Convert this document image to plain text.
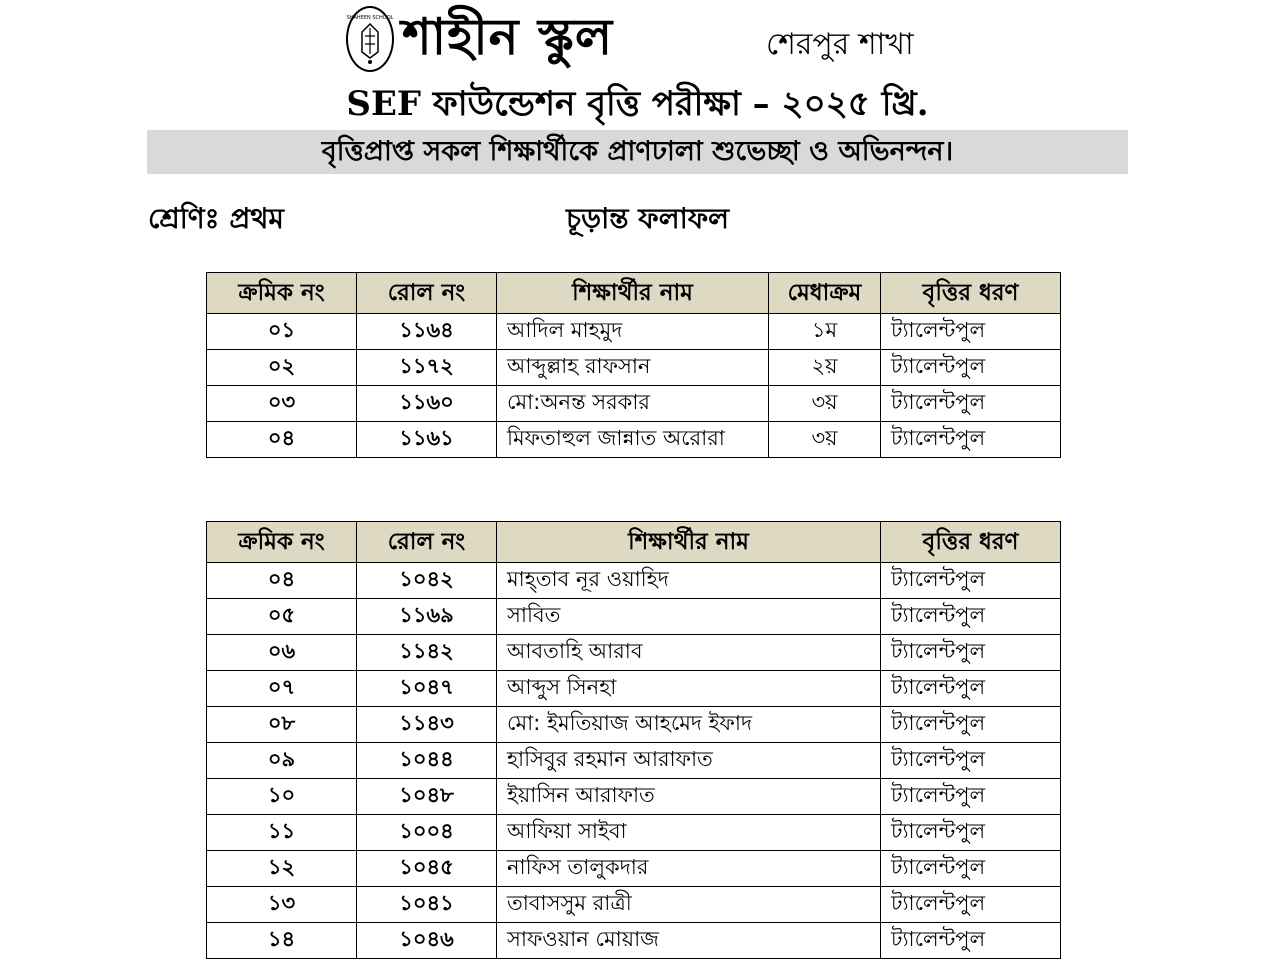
SHAHEEN SCHOOL শাহীন স্কুল	শেরপুর শাখা
SEF ফাউন্ডেশন বৃত্তি পরীক্ষা – ২০২৫ খ্রি.
বৃত্তিপ্রাপ্ত সকল শিক্ষার্থীকে প্রাণঢালা শুভেচ্ছা ও অভিনন্দন।
শ্রেণিঃ প্রথম	চূড়ান্ত ফলাফল
ক্রমিক নং	রোল নং	শিক্ষার্থীর নাম	মেধাক্রম	বৃত্তির ধরণ
০১	১১৬৪	আদিল মাহমুদ	১ম	ট্যালেন্টপুল
০২	১১৭২	আব্দুল্লাহ রাফসান	২য়	ট্যালেন্টপুল
০৩	১১৬০	মো:অনন্ত সরকার	৩য়	ট্যালেন্টপুল
০৪	১১৬১	মিফতাহুল জান্নাত অরোরা	৩য়	ট্যালেন্টপুল
ক্রমিক নং	রোল নং	শিক্ষার্থীর নাম	বৃত্তির ধরণ
০৪	১০৪২	মাহ্‌তাব নূর ওয়াহিদ	ট্যালেন্টপুল
০৫	১১৬৯	সাবিত	ট্যালেন্টপুল
০৬	১১৪২	আবতাহি আরাব	ট্যালেন্টপুল
০৭	১০৪৭	আব্দুস সিনহা	ট্যালেন্টপুল
০৮	১১৪৩	মো: ইমতিয়াজ আহমেদ ইফাদ	ট্যালেন্টপুল
০৯	১০৪৪	হাসিবুর রহমান আরাফাত	ট্যালেন্টপুল
১০	১০৪৮	ইয়াসিন আরাফাত	ট্যালেন্টপুল
১১	১০০৪	আফিয়া সাইবা	ট্যালেন্টপুল
১২	১০৪৫	নাফিস তালুকদার	ট্যালেন্টপুল
১৩	১০৪১	তাবাসসুম রাত্রী	ট্যালেন্টপুল
১৪	১০৪৬	সাফওয়ান মোয়াজ	ট্যালেন্টপুল
